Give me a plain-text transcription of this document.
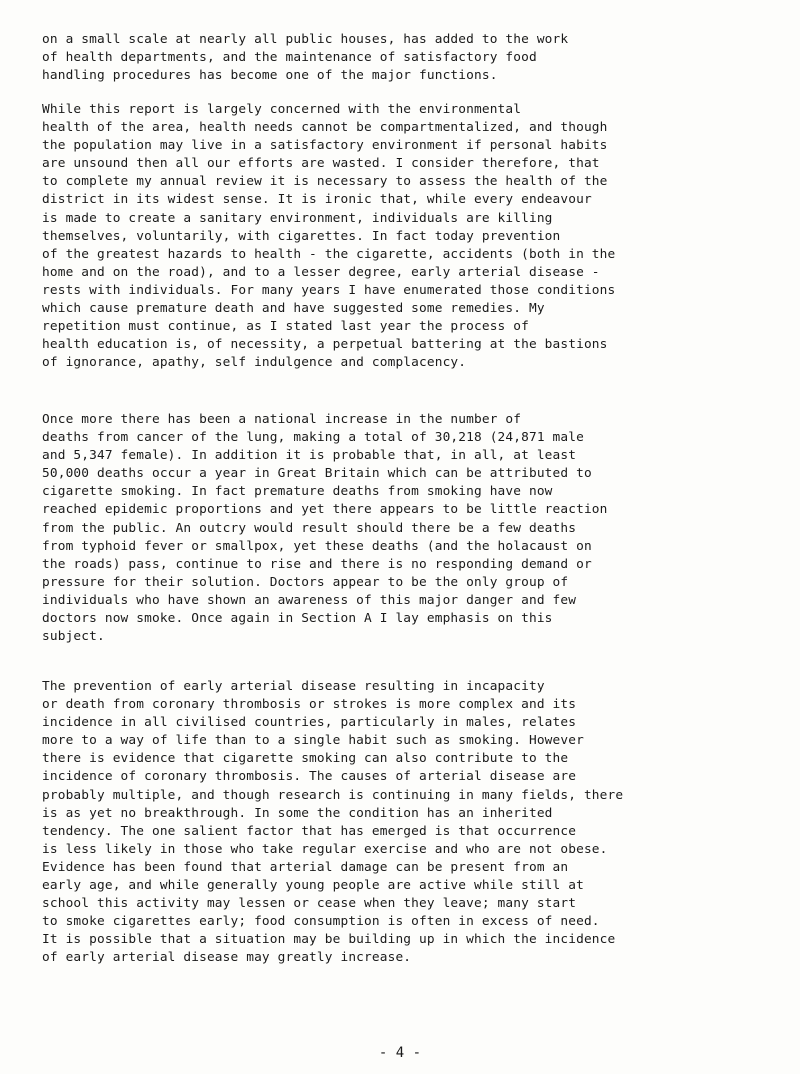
on a small scale at nearly all public houses, has added to the work
of health departments, and the maintenance of satisfactory food
handling procedures has become one of the major functions.

While this report is largely concerned with the environmental
health of the area, health needs cannot be compartmentalized, and though
the population may live in a satisfactory environment if personal habits
are unsound then all our efforts are wasted. I consider therefore, that
to complete my annual review it is necessary to assess the health of the
district in its widest sense. It is ironic that, while every endeavour
is made to create a sanitary environment, individuals are killing
themselves, voluntarily, with cigarettes. In fact today prevention
of the greatest hazards to health - the cigarette, accidents (both in the
home and on the road), and to a lesser degree, early arterial disease -
rests with individuals. For many years I have enumerated those conditions
which cause premature death and have suggested some remedies. My
repetition must continue, as I stated last year the process of
health education is, of necessity, a perpetual battering at the bastions
of ignorance, apathy, self indulgence and complacency.

Once more there has been a national increase in the number of
deaths from cancer of the lung, making a total of 30,218 (24,871 male
and 5,347 female). In addition it is probable that, in all, at least
50,000 deaths occur a year in Great Britain which can be attributed to
cigarette smoking. In fact premature deaths from smoking have now
reached epidemic proportions and yet there appears to be little reaction
from the public. An outcry would result should there be a few deaths
from typhoid fever or smallpox, yet these deaths (and the holacaust on
the roads) pass, continue to rise and there is no responding demand or
pressure for their solution. Doctors appear to be the only group of
individuals who have shown an awareness of this major danger and few
doctors now smoke. Once again in Section A I lay emphasis on this
subject.

The prevention of early arterial disease resulting in incapacity
or death from coronary thrombosis or strokes is more complex and its
incidence in all civilised countries, particularly in males, relates
more to a way of life than to a single habit such as smoking. However
there is evidence that cigarette smoking can also contribute to the
incidence of coronary thrombosis. The causes of arterial disease are
probably multiple, and though research is continuing in many fields, there
is as yet no breakthrough. In some the condition has an inherited
tendency. The one salient factor that has emerged is that occurrence
is less likely in those who take regular exercise and who are not obese.
Evidence has been found that arterial damage can be present from an
early age, and while generally young people are active while still at
school this activity may lessen or cease when they leave; many start
to smoke cigarettes early; food consumption is often in excess of need.
It is possible that a situation may be building up in which the incidence
of early arterial disease may greatly increase.

- 4 -
